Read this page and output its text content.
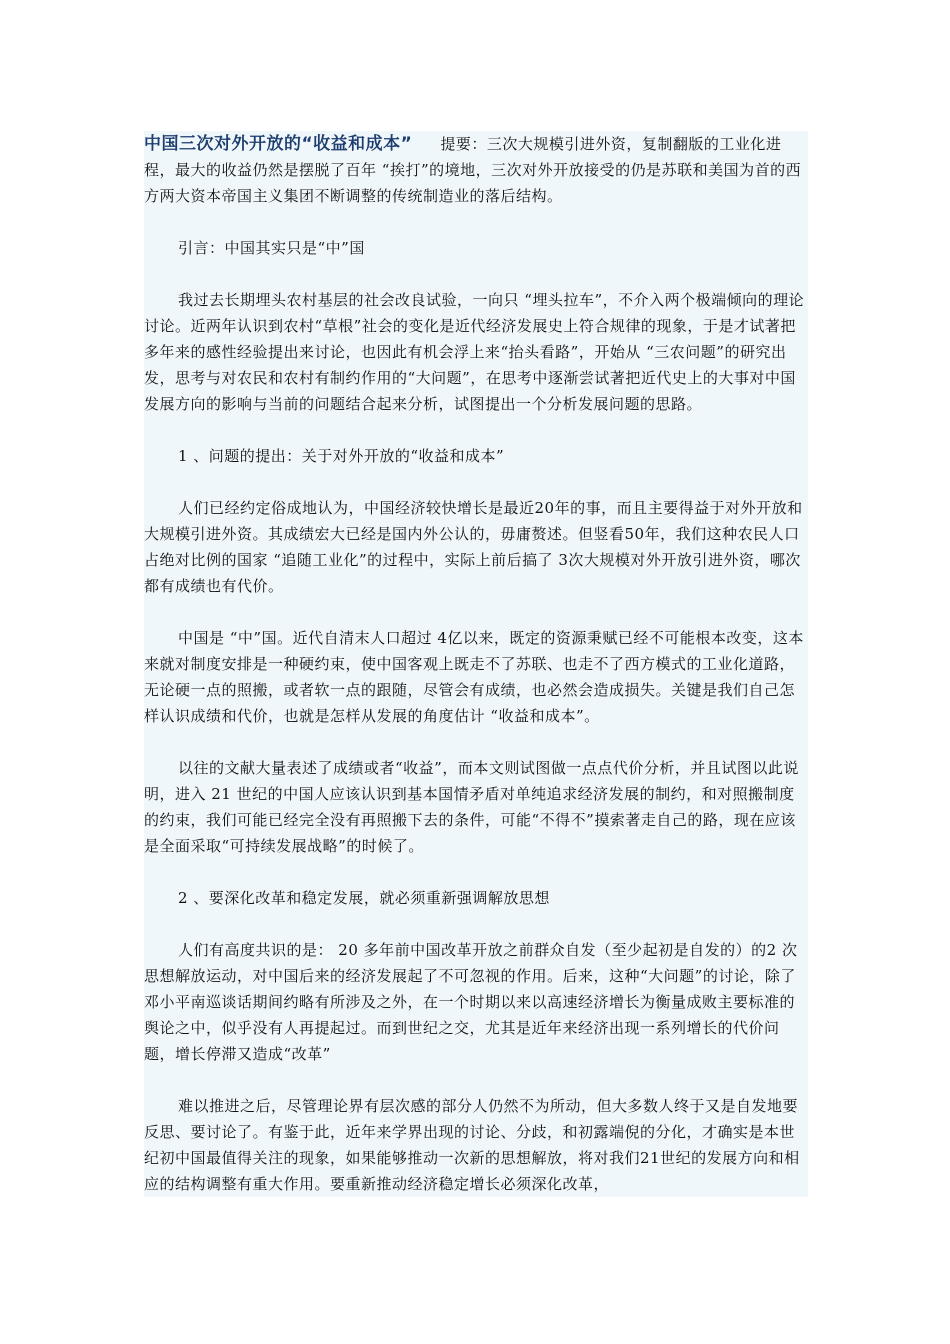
中国三次对外开放的“收益和成本” 提要：三次大规模引进外资，复制翻版的工业化进程，最大的收益仍然是摆脱了百年 “挨打”的境地，三次对外开放接受的仍是苏联和美国为首的西方两大资本帝国主义集团不断调整的传统制造业的落后结构。

引言：中国其实只是“中”国

我过去长期埋头农村基层的社会改良试验，一向只 “埋头拉车”，不介入两个极端倾向的理论讨论。近两年认识到农村“草根”社会的变化是近代经济发展史上符合规律的现象，于是才试著把多年来的感性经验提出来讨论，也因此有机会浮上来“抬头看路”，开始从 “三农问题”的研究出发，思考与对农民和农村有制约作用的“大问题”，在思考中逐渐尝试著把近代史上的大事对中国发展方向的影响与当前的问题结合起来分析，试图提出一个分析发展问题的思路。

1 、问题的提出：关于对外开放的“收益和成本”

人们已经约定俗成地认为，中国经济较快增长是最近20年的事，而且主要得益于对外开放和大规模引进外资。其成绩宏大已经是国内外公认的，毋庸赘述。但竖看50年，我们这种农民人口占绝对比例的国家 “追随工业化”的过程中，实际上前后搞了 3次大规模对外开放引进外资，哪次都有成绩也有代价。

中国是 “中”国。近代自清末人口超过 4亿以来，既定的资源秉赋已经不可能根本改变，这本来就对制度安排是一种硬约束，使中国客观上既走不了苏联、也走不了西方模式的工业化道路，无论硬一点的照搬，或者软一点的跟随，尽管会有成绩，也必然会造成损失。关键是我们自己怎样认识成绩和代价，也就是怎样从发展的角度估计 “收益和成本”。

以往的文献大量表述了成绩或者“收益”，而本文则试图做一点点代价分析，并且试图以此说明，进入 21 世纪的中国人应该认识到基本国情矛盾对单纯追求经济发展的制约，和对照搬制度的约束，我们可能已经完全没有再照搬下去的条件，可能“不得不”摸索著走自己的路，现在应该是全面采取“可持续发展战略”的时候了。

2 、要深化改革和稳定发展，就必须重新强调解放思想

人们有高度共识的是： 20 多年前中国改革开放之前群众自发（至少起初是自发的）的2 次思想解放运动，对中国后来的经济发展起了不可忽视的作用。后来，这种“大问题”的讨论，除了邓小平南巡谈话期间约略有所涉及之外，在一个时期以来以高速经济增长为衡量成败主要标准的舆论之中，似乎没有人再提起过。而到世纪之交，尤其是近年来经济出现一系列增长的代价问题，增长停滞又造成“改革”

难以推进之后，尽管理论界有层次感的部分人仍然不为所动，但大多数人终于又是自发地要反思、要讨论了。有鉴于此，近年来学界出现的讨论、分歧，和初露端倪的分化，才确实是本世纪初中国最值得关注的现象，如果能够推动一次新的思想解放，将对我们21世纪的发展方向和相应的结构调整有重大作用。要重新推动经济稳定增长必须深化改革，
